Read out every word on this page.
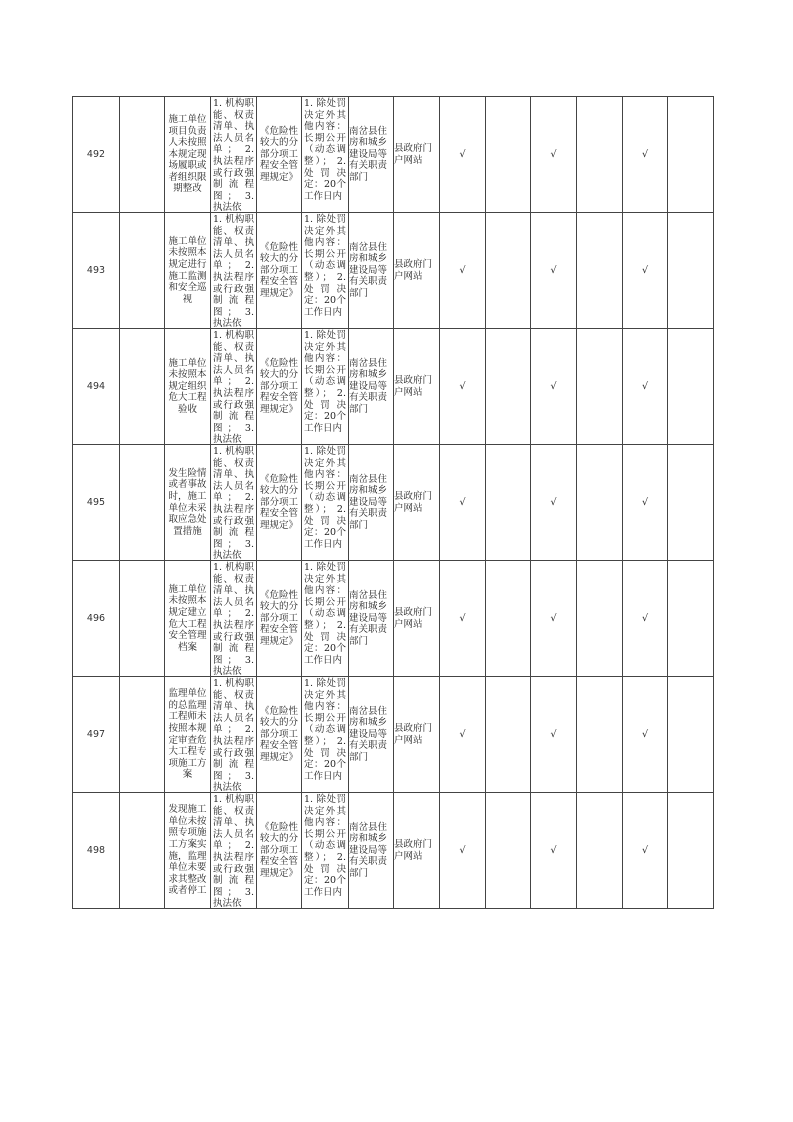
492		施工单位项目负责人未按照本规定现场履职或者组织限期整改	1. 机构职能、权责清单、执法人员名单； 2. 执法程序或行政强制流程图； 3. 执法依	《危险性较大的分部分项工程安全管理规定》	1. 除处罚决定外其他内容：长期公开（动态调整）； 2. 处罚决定：20个工作日内	南岔县住房和城乡建设局等有关职责部门	县政府门户网站	√		√		√	
493		施工单位未按照本规定进行施工监测和安全巡视	1. 机构职能、权责清单、执法人员名单； 2. 执法程序或行政强制流程图； 3. 执法依	《危险性较大的分部分项工程安全管理规定》	1. 除处罚决定外其他内容：长期公开（动态调整）； 2. 处罚决定：20个工作日内	南岔县住房和城乡建设局等有关职责部门	县政府门户网站	√		√		√	
494		施工单位未按照本规定组织危大工程验收	1. 机构职能、权责清单、执法人员名单； 2. 执法程序或行政强制流程图； 3. 执法依	《危险性较大的分部分项工程安全管理规定》	1. 除处罚决定外其他内容：长期公开（动态调整）； 2. 处罚决定：20个工作日内	南岔县住房和城乡建设局等有关职责部门	县政府门户网站	√		√		√	
495		发生险情或者事故时，施工单位未采取应急处置措施	1. 机构职能、权责清单、执法人员名单； 2. 执法程序或行政强制流程图； 3. 执法依	《危险性较大的分部分项工程安全管理规定》	1. 除处罚决定外其他内容：长期公开（动态调整）； 2. 处罚决定：20个工作日内	南岔县住房和城乡建设局等有关职责部门	县政府门户网站	√		√		√	
496		施工单位未按照本规定建立危大工程安全管理档案	1. 机构职能、权责清单、执法人员名单； 2. 执法程序或行政强制流程图； 3. 执法依	《危险性较大的分部分项工程安全管理规定》	1. 除处罚决定外其他内容：长期公开（动态调整）； 2. 处罚决定：20个工作日内	南岔县住房和城乡建设局等有关职责部门	县政府门户网站	√		√		√	
497		监理单位的总监理工程师未按照本规定审查危大工程专项施工方案	1. 机构职能、权责清单、执法人员名单； 2. 执法程序或行政强制流程图； 3. 执法依	《危险性较大的分部分项工程安全管理规定》	1. 除处罚决定外其他内容：长期公开（动态调整）； 2. 处罚决定：20个工作日内	南岔县住房和城乡建设局等有关职责部门	县政府门户网站	√		√		√	
498		发现施工单位未按照专项施工方案实施，监理单位未要求其整改或者停工	1. 机构职能、权责清单、执法人员名单； 2. 执法程序或行政强制流程图； 3. 执法依	《危险性较大的分部分项工程安全管理规定》	1. 除处罚决定外其他内容：长期公开（动态调整）； 2. 处罚决定：20个工作日内	南岔县住房和城乡建设局等有关职责部门	县政府门户网站	√		√		√	
